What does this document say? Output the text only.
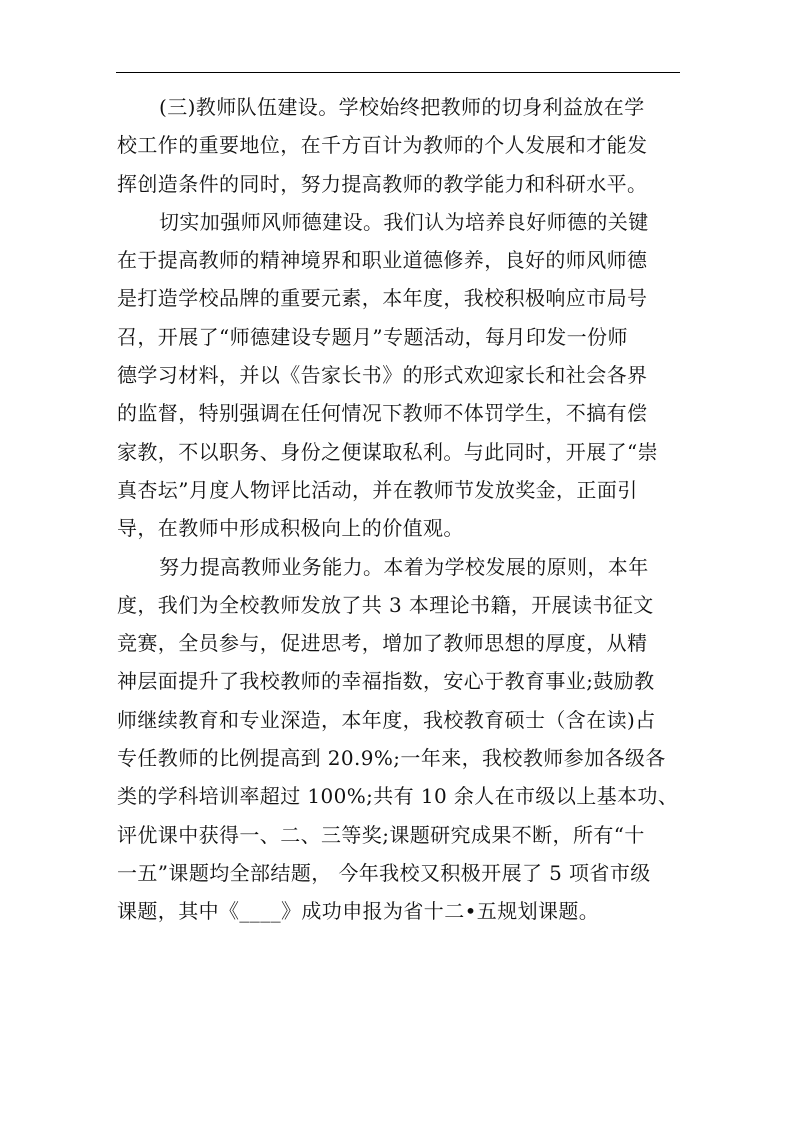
(三)教师队伍建设。学校始终把教师的切身利益放在学
校工作的重要地位，在千方百计为教师的个人发展和才能发
挥创造条件的同时，努力提高教师的教学能力和科研水平。
切实加强师风师德建设。我们认为培养良好师德的关键
在于提高教师的精神境界和职业道德修养，良好的师风师德
是打造学校品牌的重要元素，本年度，我校积极响应市局号
召，开展了“师德建设专题月”专题活动，每月印发一份师
德学习材料，并以《告家长书》的形式欢迎家长和社会各界
的监督，特别强调在任何情况下教师不体罚学生，不搞有偿
家教，不以职务、身份之便谋取私利。与此同时，开展了“崇
真杏坛”月度人物评比活动，并在教师节发放奖金，正面引
导，在教师中形成积极向上的价值观。
努力提高教师业务能力。本着为学校发展的原则，本年
度，我们为全校教师发放了共 3 本理论书籍，开展读书征文
竞赛，全员参与，促进思考，增加了教师思想的厚度，从精
神层面提升了我校教师的幸福指数，安心于教育事业;鼓励教
师继续教育和专业深造，本年度，我校教育硕士（含在读)占
专任教师的比例提高到 20.9%;一年来，我校教师参加各级各
类的学科培训率超过 100%;共有 10 余人在市级以上基本功、
评优课中获得一、二、三等奖;课题研究成果不断，所有“十
一五”课题均全部结题， 今年我校又积极开展了 5 项省市级
课题，其中《____》成功申报为省十二•五规划课题。
